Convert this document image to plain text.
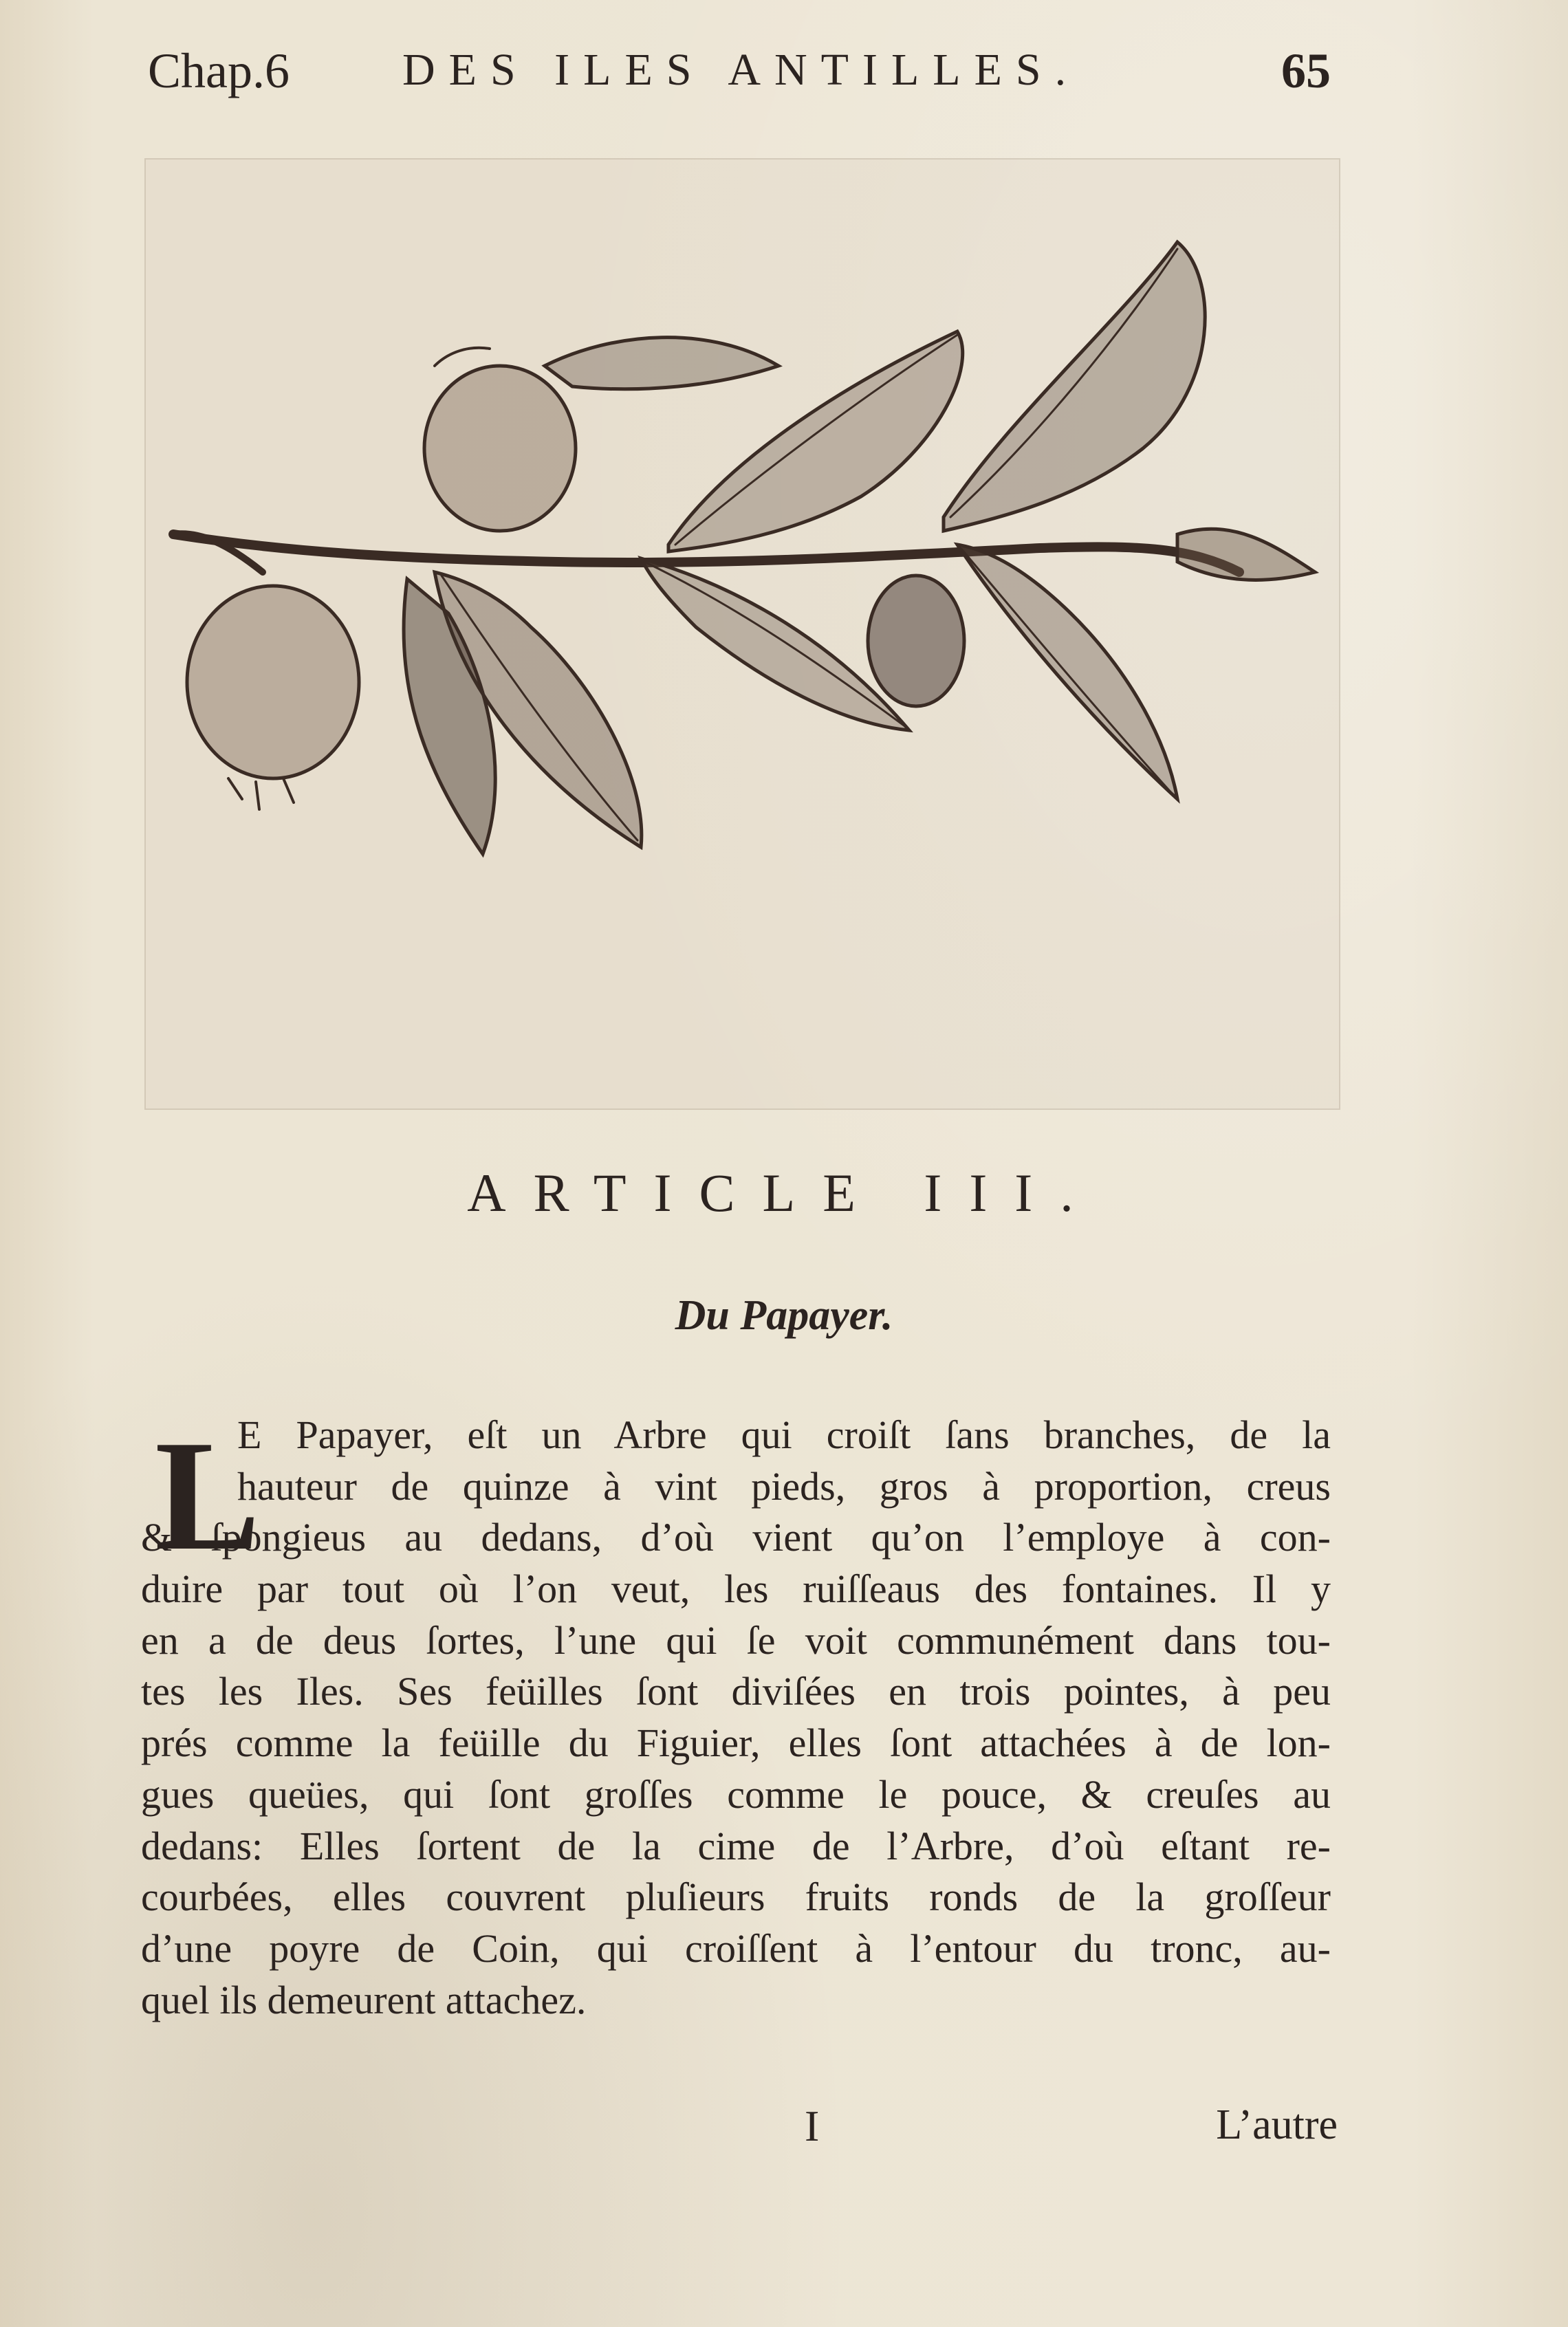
Chap.6 DES ILES ANTILLES.	65
ARTICLE III.
Du Papayer.
L
E Papayer, eſt un Arbre qui croiſt ſans branches, de la
hauteur de quinze à vint pieds, gros à proportion, creus
& ſpongieus au dedans, d’où vient qu’on l’employe à con-
duire par tout où l’on veut, les ruiſſeaus des fontaines. Il y
en a de deus ſortes, l’une qui ſe voit communément dans tou-
tes les Iles. Ses feüilles ſont diviſées en trois pointes, à peu
prés comme la feüille du Figuier, elles ſont attachées à de lon-
gues queües, qui ſont groſſes comme le pouce, & creuſes au
dedans: Elles ſortent de la cime de l’Arbre, d’où eſtant re-
courbées, elles couvrent pluſieurs fruits ronds de la groſſeur
d’une poyre de Coin, qui croiſſent à l’entour du tronc, au-
quel ils demeurent attachez.
I	L’autre
